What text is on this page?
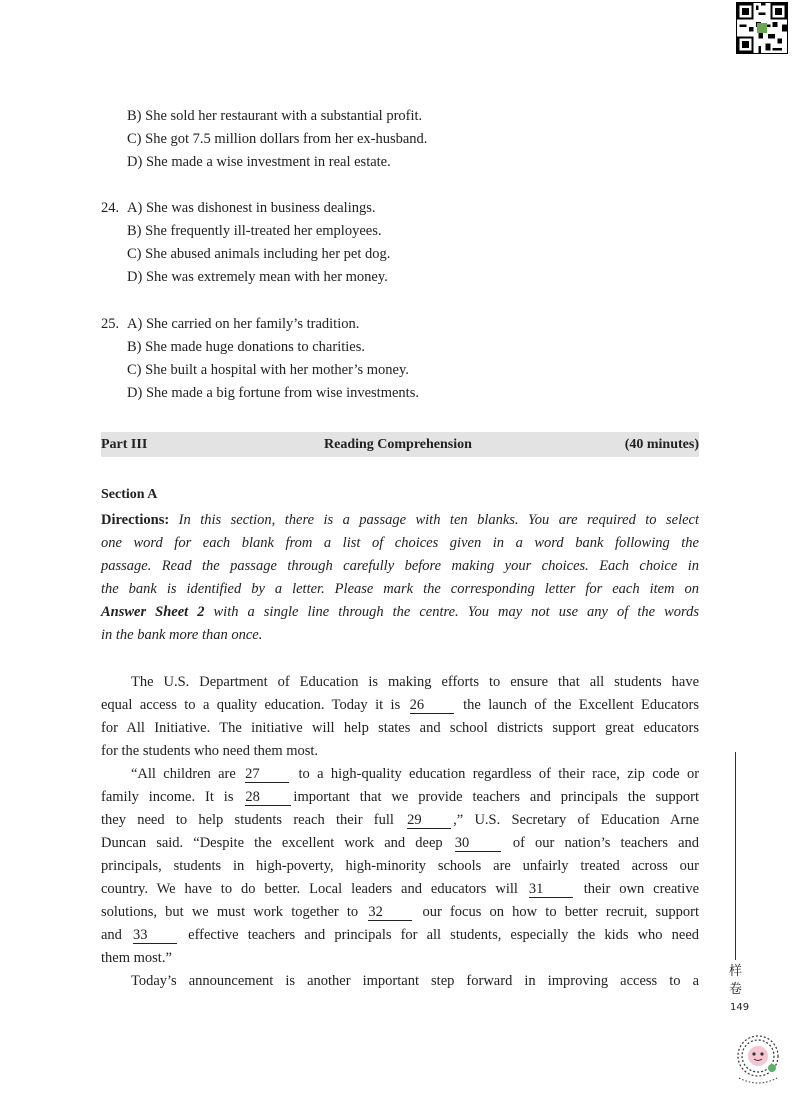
B) She sold her restaurant with a substantial profit.
C) She got 7.5 million dollars from her ex-husband.
D) She made a wise investment in real estate.
24. A) She was dishonest in business dealings.
B) She frequently ill-treated her employees.
C) She abused animals including her pet dog.
D) She was extremely mean with her money.
25. A) She carried on her family’s tradition.
B) She made huge donations to charities.
C) She built a hospital with her mother’s money.
D) She made a big fortune from wise investments.
Part III	Reading Comprehension	(40 minutes)
Section A
Directions: In this section, there is a passage with ten blanks. You are required to select
one word for each blank from a list of choices given in a word bank following the
passage. Read the passage through carefully before making your choices. Each choice in
the bank is identified by a letter. Please mark the corresponding letter for each item on
Answer Sheet 2 with a single line through the centre. You may not use any of the words
in the bank more than once.
The U.S. Department of Education is making efforts to ensure that all students have
equal access to a quality education. Today it is 26	the launch of the Excellent Educators
for All Initiative. The initiative will help states and school districts support great educators
for the students who need them most.
“All children are 27	to a high-quality education regardless of their race, zip code or
family income. It is 28 important that we provide teachers and principals the support
they need to help students reach their full 29 ,” U.S. Secretary of Education Arne
Duncan said. “Despite the excellent work and deep 30	of our nation’s teachers and
principals, students in high-poverty, high-minority schools are unfairly treated across our
country. We have to do better. Local leaders and educators will 31	their own creative
solutions, but we must work together to 32	our focus on how to better recruit, support
and 33	effective teachers and principals for all students, especially the kids who need
them most.”
Today’s announcement is another important step forward in improving access to a
样
卷
149
